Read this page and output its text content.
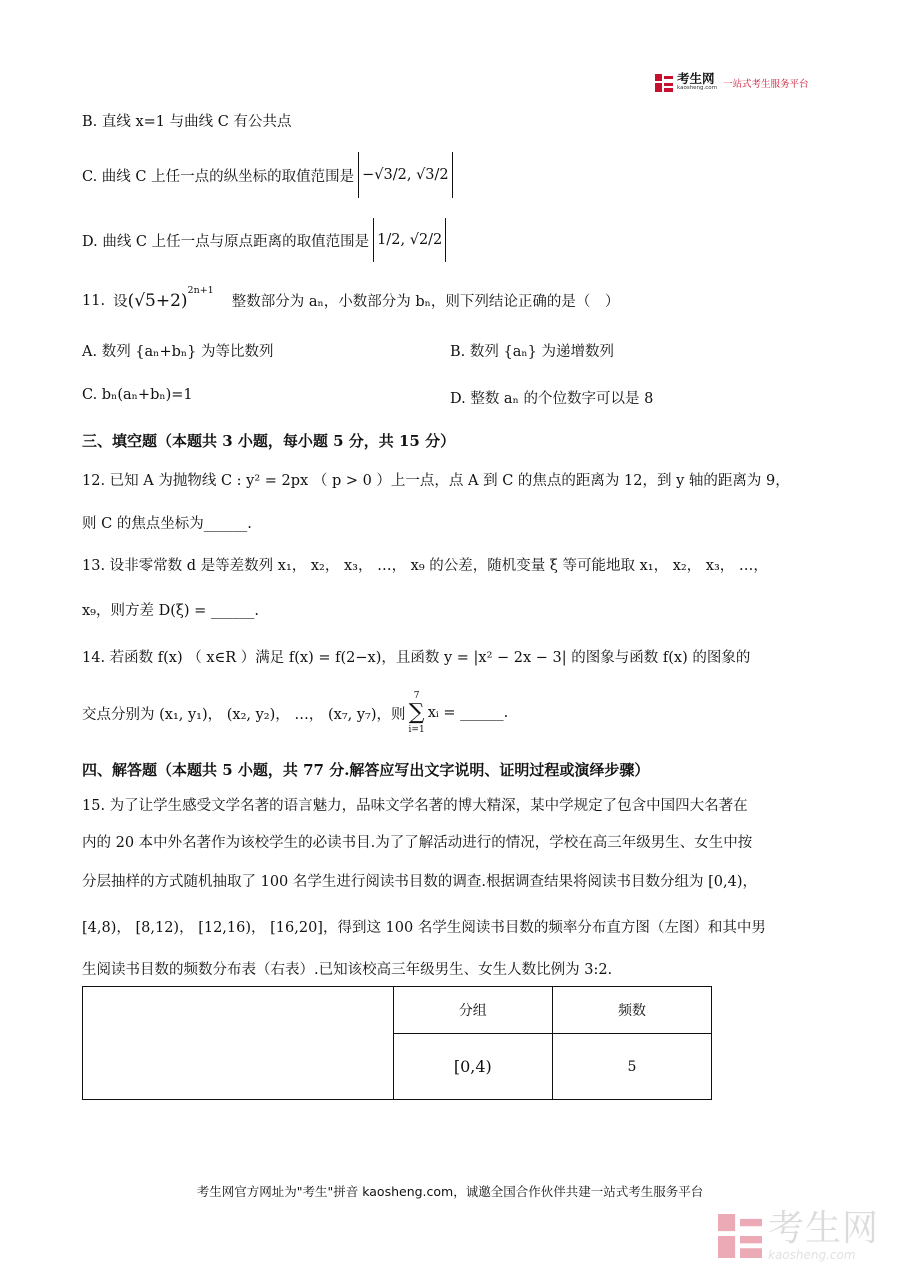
考生网
kaosheng.com 一站式考生服务平台
B. 直线 x=1 与曲线 C 有公共点
C. 曲线 C 上任一点的纵坐标的取值范围是 −√3/2 , √3/2
D. 曲线 C 上任一点与原点距离的取值范围是 1/2 , √2/2
11. 设 $(√5+2)^{2n+1}$
整数部分为 aₙ，小数部分为 bₙ，则下列结论正确的是（　）
A. 数列 {aₙ+bₙ} 为等比数列	B. 数列 {aₙ} 为递增数列
C. bₙ(aₙ+bₙ)=1	D. 整数 aₙ 的个位数字可以是 8
三、填空题（本题共 3 小题，每小题 5 分，共 15 分）
12. 已知 A 为抛物线 C : y² = 2px （ p > 0 ）上一点，点 A 到 C 的焦点的距离为 12，到 y 轴的距离为 9，
则 C 的焦点坐标为______.
13. 设非零常数 d 是等差数列 x₁， x₂， x₃， …， x₉ 的公差，随机变量 ξ 等可能地取 x₁， x₂， x₃， …，
x₉，则方差 D(ξ) = ______.
14. 若函数 f(x) （ x∈R ）满足 f(x) = f(2−x)，且函数 y = |x² − 2x − 3| 的图象与函数 f(x) 的图象的
交点分别为 (x₁, y₁)， (x₂, y₂)， …， (x₇, y₇)，则
7
∑
i=1
xᵢ = ______.
四、解答题（本题共 5 小题，共 77 分.解答应写出文字说明、证明过程或演绎步骤）
15. 为了让学生感受文学名著的语言魅力，品味文学名著的博大精深，某中学规定了包含中国四大名著在
内的 20 本中外名著作为该校学生的必读书目.为了了解活动进行的情况，学校在高三年级男生、女生中按
分层抽样的方式随机抽取了 100 名学生进行阅读书目数的调查.根据调查结果将阅读书目数分组为 [0,4)，
[4,8)， [8,12)， [12,16)， [16,20]，得到这 100 名学生阅读书目数的频率分布直方图（左图）和其中男
生阅读书目数的频数分布表（右表）.已知该校高三年级男生、女生人数比例为 3:2.
	分组	频数
	[0,4)	5
考生网官方网址为"考生"拼音 kaosheng.com，诚邀全国合作伙伴共建一站式考生服务平台
考生网
kaosheng.com
